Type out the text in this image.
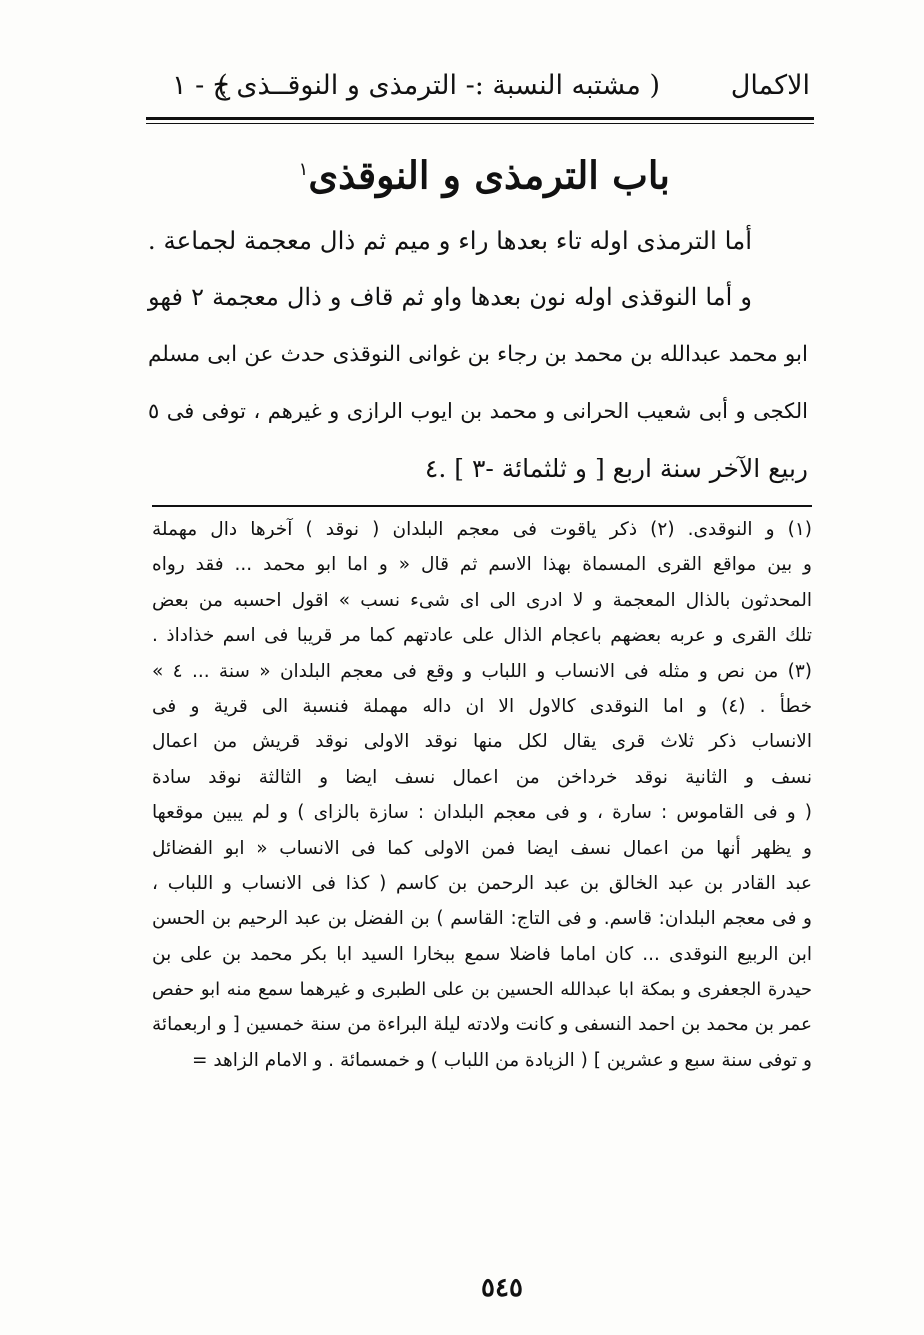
الاكمال
( مشتبه النسبة :- الترمذى و النوقــذى )
ج - ١
باب الترمذى و النوقذى$^١$
أما الترمذى اوله تاء بعدها راء و ميم ثم ذال معجمة لجماعة .
و أما النوقذى اوله نون بعدها واو ثم قاف و ذال معجمة ٢ فهو
ابو محمد عبدالله بن محمد بن رجاء بن غوانى النوقذى حدث عن ابى مسلم
الكجى و أبى شعيب الحرانى و محمد بن ايوب الرازى و غيرهم ، توفى فى ٥
ربيع الآخر سنة اربع [ و ثلثمائة -٣ ] .٤
(١) و النوقدى. (٢) ذكر ياقوت فى معجم البلدان ( نوقد ) آخرها دال مهملة
و بين مواقع القرى المسماة بهذا الاسم ثم قال « و اما ابو محمد ... فقد رواه
المحدثون بالذال المعجمة و لا ادرى الى اى شىء نسب » اقول احسبه من بعض
تلك القرى و عربه بعضهم باعجام الذال على عادتهم كما مر قريبا فى اسم خذاداذ .
(٣) من نص و مثله فى الانساب و اللباب و وقع فى معجم البلدان « سنة ... ٤ »
خطأ . (٤) و اما النوقدى كالاول الا ان داله مهملة فنسبة الى قرية و فى
الانساب ذكر ثلاث قرى يقال لكل منها نوقد الاولى نوقد قريش من اعمال
نسف و الثانية نوقد خرداخن من اعمال نسف ايضا و الثالثة نوقد سادة
( و فى القاموس : سارة ، و فى معجم البلدان : سازة بالزاى ) و لم يبين موقعها
و يظهر أنها من اعمال نسف ايضا فمن الاولى كما فى الانساب « ابو الفضائل
عبد القادر بن عبد الخالق بن عبد الرحمن بن كاسم ( كذا فى الانساب و اللباب ،
و فى معجم البلدان: قاسم. و فى التاج: القاسم ) بن الفضل بن عبد الرحيم بن الحسن
ابن الربيع النوقدى ... كان اماما فاضلا سمع ببخارا السيد ابا بكر محمد بن على بن
حيدرة الجعفرى و بمكة ابا عبدالله الحسين بن على الطبرى و غيرهما سمع منه ابو حفص
عمر بن محمد بن احمد النسفى و كانت ولادته ليلة البراءة من سنة خمسين [ و اربعمائة
و توفى سنة سبع و عشرين ] ( الزيادة من اللباب ) و خمسمائة . و الامام الزاهد =
٥٤٥
